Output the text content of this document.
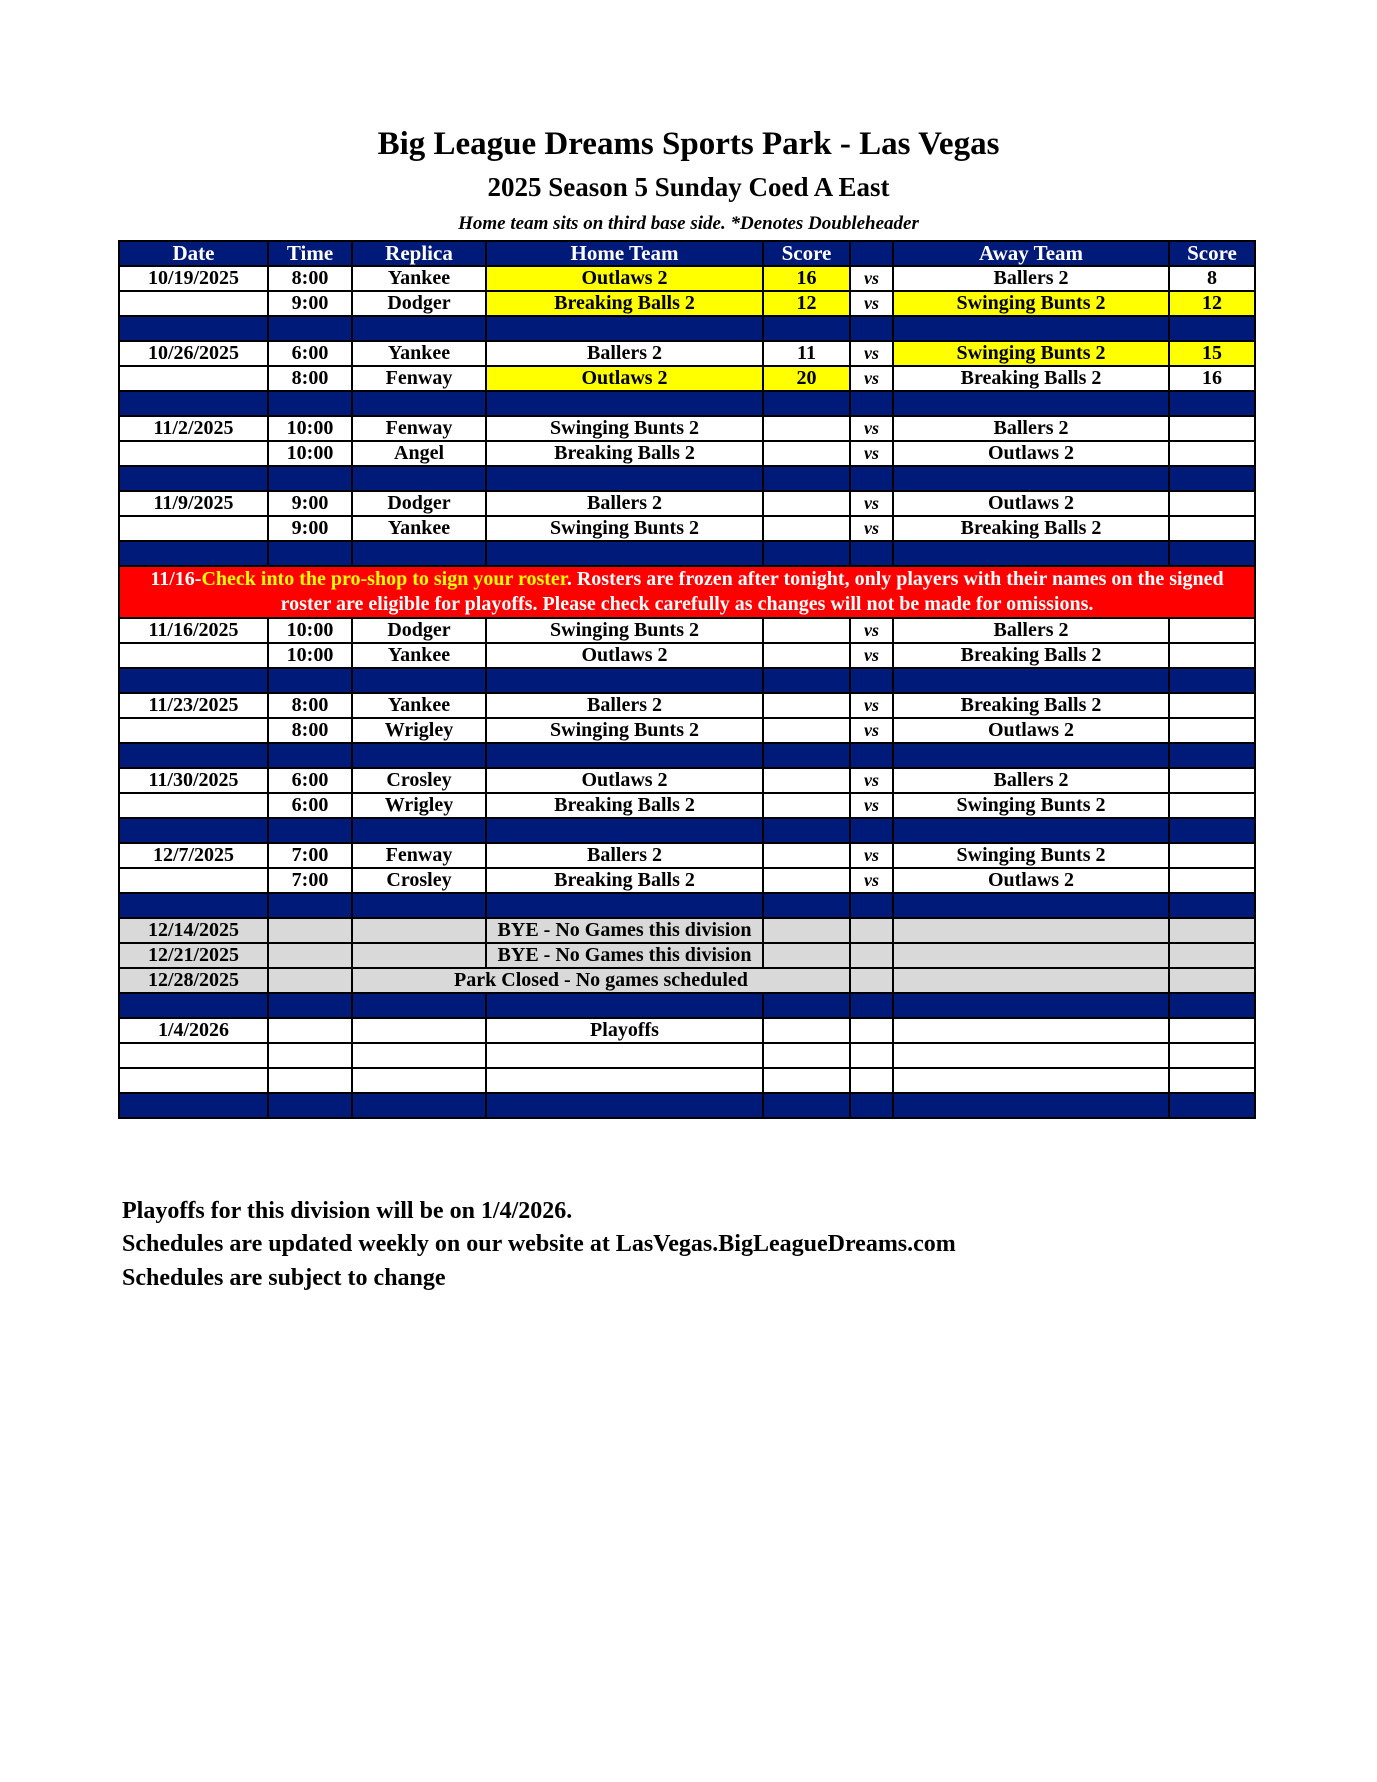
Big League Dreams Sports Park - Las Vegas
2025 Season 5 Sunday Coed A East
Home team sits on third base side. *Denotes Doubleheader
Date	Time	Replica	Home Team	Score		Away Team	Score
10/19/2025	8:00	Yankee	Outlaws 2	16	vs	Ballers 2	8
	9:00	Dodger	Breaking Balls 2	12	vs	Swinging Bunts 2	12

10/26/2025	6:00	Yankee	Ballers 2	11	vs	Swinging Bunts 2	15
	8:00	Fenway	Outlaws 2	20	vs	Breaking Balls 2	16

11/2/2025	10:00	Fenway	Swinging Bunts 2		vs	Ballers 2	
	10:00	Angel	Breaking Balls 2		vs	Outlaws 2	

11/9/2025	9:00	Dodger	Ballers 2		vs	Outlaws 2	
	9:00	Yankee	Swinging Bunts 2		vs	Breaking Balls 2	

11/16-Check into the pro-shop to sign your roster. Rosters are frozen after tonight, only players with their names on the signed roster are eligible for playoffs. Please check carefully as changes will not be made for omissions.							
11/16/2025	10:00	Dodger	Swinging Bunts 2		vs	Ballers 2	
	10:00	Yankee	Outlaws 2		vs	Breaking Balls 2	

11/23/2025	8:00	Yankee	Ballers 2		vs	Breaking Balls 2	
	8:00	Wrigley	Swinging Bunts 2		vs	Outlaws 2	

11/30/2025	6:00	Crosley	Outlaws 2		vs	Ballers 2	
	6:00	Wrigley	Breaking Balls 2		vs	Swinging Bunts 2	

12/7/2025	7:00	Fenway	Ballers 2		vs	Swinging Bunts 2	
	7:00	Crosley	Breaking Balls 2		vs	Outlaws 2	

12/14/2025			BYE - No Games this division				
12/21/2025			BYE - No Games this division				
12/28/2025		Park Closed - No games scheduled					

1/4/2026			Playoffs				

Playoffs for this division will be on 1/4/2026.
Schedules are updated weekly on our website at LasVegas.BigLeagueDreams.com
Schedules are subject to change
